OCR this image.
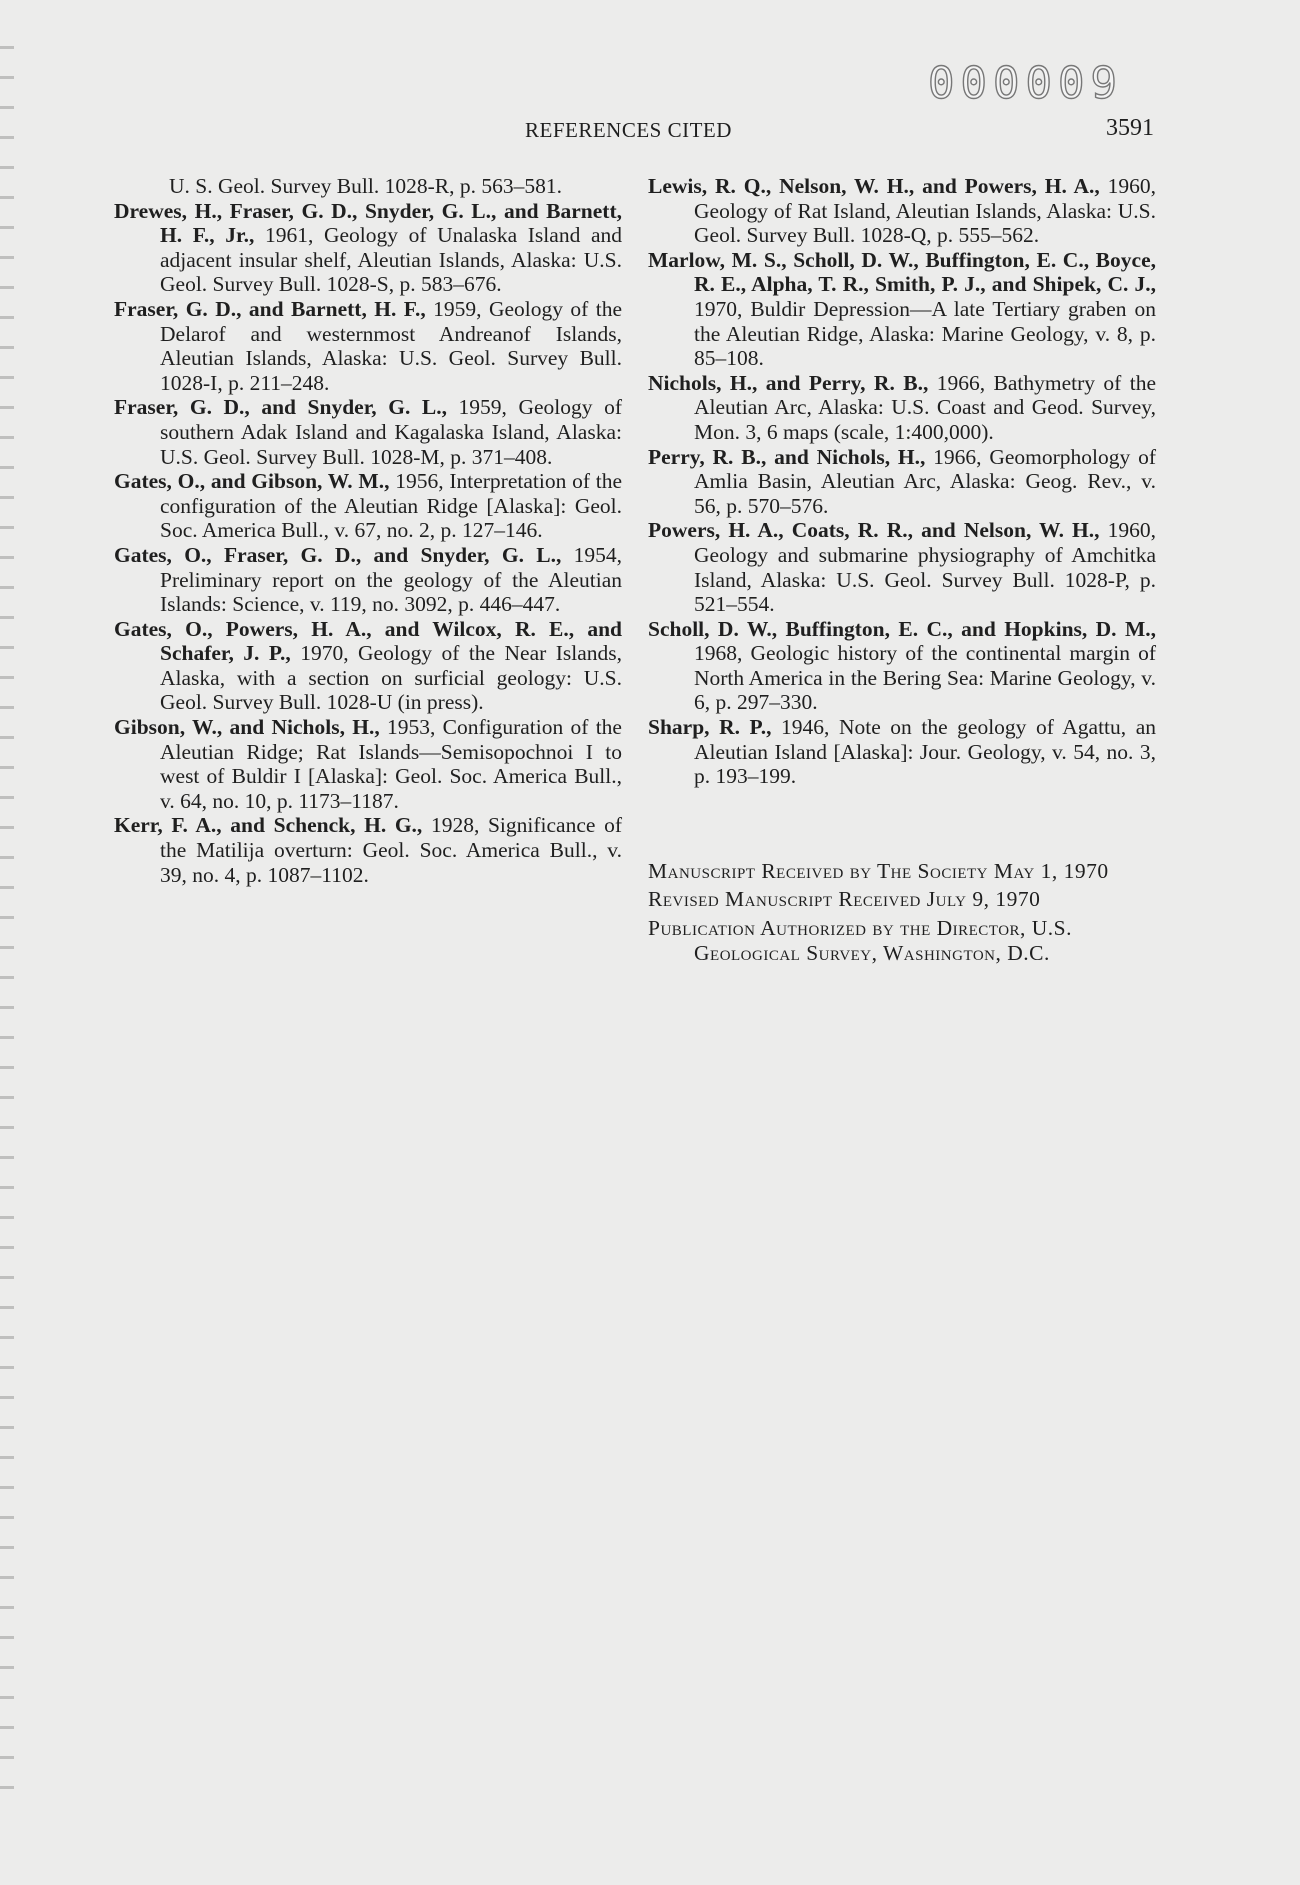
000009
REFERENCES CITED	3591

U. S. Geol. Survey Bull. 1028-R, p. 563–581.

Drewes, H., Fraser, G. D., Snyder, G. L., and Barnett, H. F., Jr., 1961, Geology of Unalaska Island and adjacent insular shelf, Aleutian Islands, Alaska: U.S. Geol. Survey Bull. 1028-S, p. 583–676.

Fraser, G. D., and Barnett, H. F., 1959, Geology of the Delarof and westernmost Andreanof Islands, Aleutian Islands, Alaska: U.S. Geol. Survey Bull. 1028-I, p. 211–248.

Fraser, G. D., and Snyder, G. L., 1959, Geology of southern Adak Island and Kagalaska Island, Alaska: U.S. Geol. Survey Bull. 1028-M, p. 371–408.

Gates, O., and Gibson, W. M., 1956, Interpretation of the configuration of the Aleutian Ridge [Alaska]: Geol. Soc. America Bull., v. 67, no. 2, p. 127–146.

Gates, O., Fraser, G. D., and Snyder, G. L., 1954, Preliminary report on the geology of the Aleutian Islands: Science, v. 119, no. 3092, p. 446–447.

Gates, O., Powers, H. A., and Wilcox, R. E., and Schafer, J. P., 1970, Geology of the Near Islands, Alaska, with a section on surficial geology: U.S. Geol. Survey Bull. 1028-U (in press).

Gibson, W., and Nichols, H., 1953, Configuration of the Aleutian Ridge; Rat Islands—Semisopochnoi I to west of Buldir I [Alaska]: Geol. Soc. America Bull., v. 64, no. 10, p. 1173–1187.

Kerr, F. A., and Schenck, H. G., 1928, Significance of the Matilija overturn: Geol. Soc. America Bull., v. 39, no. 4, p. 1087–1102.

Lewis, R. Q., Nelson, W. H., and Powers, H. A., 1960, Geology of Rat Island, Aleutian Islands, Alaska: U.S. Geol. Survey Bull. 1028-Q, p. 555–562.

Marlow, M. S., Scholl, D. W., Buffington, E. C., Boyce, R. E., Alpha, T. R., Smith, P. J., and Shipek, C. J., 1970, Buldir Depression—A late Tertiary graben on the Aleutian Ridge, Alaska: Marine Geology, v. 8, p. 85–108.

Nichols, H., and Perry, R. B., 1966, Bathymetry of the Aleutian Arc, Alaska: U.S. Coast and Geod. Survey, Mon. 3, 6 maps (scale, 1:400,000).

Perry, R. B., and Nichols, H., 1966, Geomorphology of Amlia Basin, Aleutian Arc, Alaska: Geog. Rev., v. 56, p. 570–576.

Powers, H. A., Coats, R. R., and Nelson, W. H., 1960, Geology and submarine physiography of Amchitka Island, Alaska: U.S. Geol. Survey Bull. 1028-P, p. 521–554.

Scholl, D. W., Buffington, E. C., and Hopkins, D. M., 1968, Geologic history of the continental margin of North America in the Bering Sea: Marine Geology, v. 6, p. 297–330.

Sharp, R. P., 1946, Note on the geology of Agattu, an Aleutian Island [Alaska]: Jour. Geology, v. 54, no. 3, p. 193–199.

Manuscript Received by The Society May 1, 1970

Revised Manuscript Received July 9, 1970

Publication Authorized by the Director, U.S. Geological Survey, Washington, D.C.
